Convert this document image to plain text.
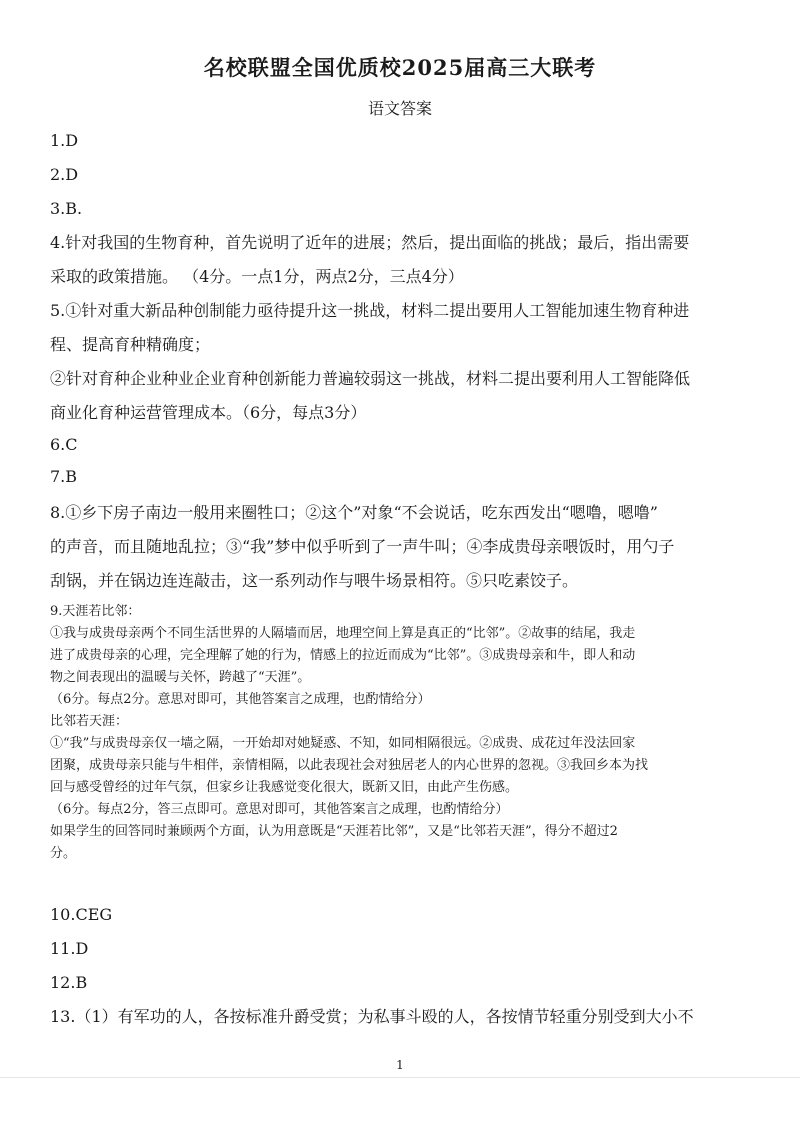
名校联盟全国优质校2025届高三大联考
语文答案
1.D
2.D
3.B.
4.针对我国的生物育种，首先说明了近年的进展；然后，提出面临的挑战；最后，指出需要
采取的政策措施。 （4分。一点1分，两点2分，三点4分）
5.①针对重大新品种创制能力亟待提升这一挑战，材料二提出要用人工智能加速生物育种进
程、提高育种精确度；
②针对育种企业种业企业育种创新能力普遍较弱这一挑战，材料二提出要利用人工智能降低
商业化育种运营管理成本。（6分，每点3分）
6.C
7.B
8.①乡下房子南边一般用来圈牲口；②这个”对象“不会说话，吃东西发出“嗯噜，嗯噜”
的声音，而且随地乱拉；③“我”梦中似乎听到了一声牛叫；④李成贵母亲喂饭时，用勺子
刮锅，并在锅边连连敲击，这一系列动作与喂牛场景相符。⑤只吃素饺子。
9.天涯若比邻：
①我与成贵母亲两个不同生活世界的人隔墙而居，地理空间上算是真正的“比邻”。②故事的结尾，我走
进了成贵母亲的心理，完全理解了她的行为，情感上的拉近而成为“比邻”。③成贵母亲和牛，即人和动
物之间表现出的温暖与关怀，跨越了“天涯”。
（6分。每点2分。意思对即可，其他答案言之成理，也酌情给分）
比邻若天涯：
①“我”与成贵母亲仅一墙之隔，一开始却对她疑惑、不知，如同相隔很远。②成贵、成花过年没法回家
团聚，成贵母亲只能与牛相伴，亲情相隔，以此表现社会对独居老人的内心世界的忽视。③我回乡本为找
回与感受曾经的过年气氛，但家乡让我感觉变化很大，既新又旧，由此产生伤感。
（6分。每点2分，答三点即可。意思对即可，其他答案言之成理，也酌情给分）
如果学生的回答同时兼顾两个方面，认为用意既是“天涯若比邻”，又是“比邻若天涯”，得分不超过2
分。
10.CEG
11.D
12.B
13.（1）有军功的人，各按标准升爵受赏；为私事斗殴的人，各按情节轻重分别受到大小不
1
